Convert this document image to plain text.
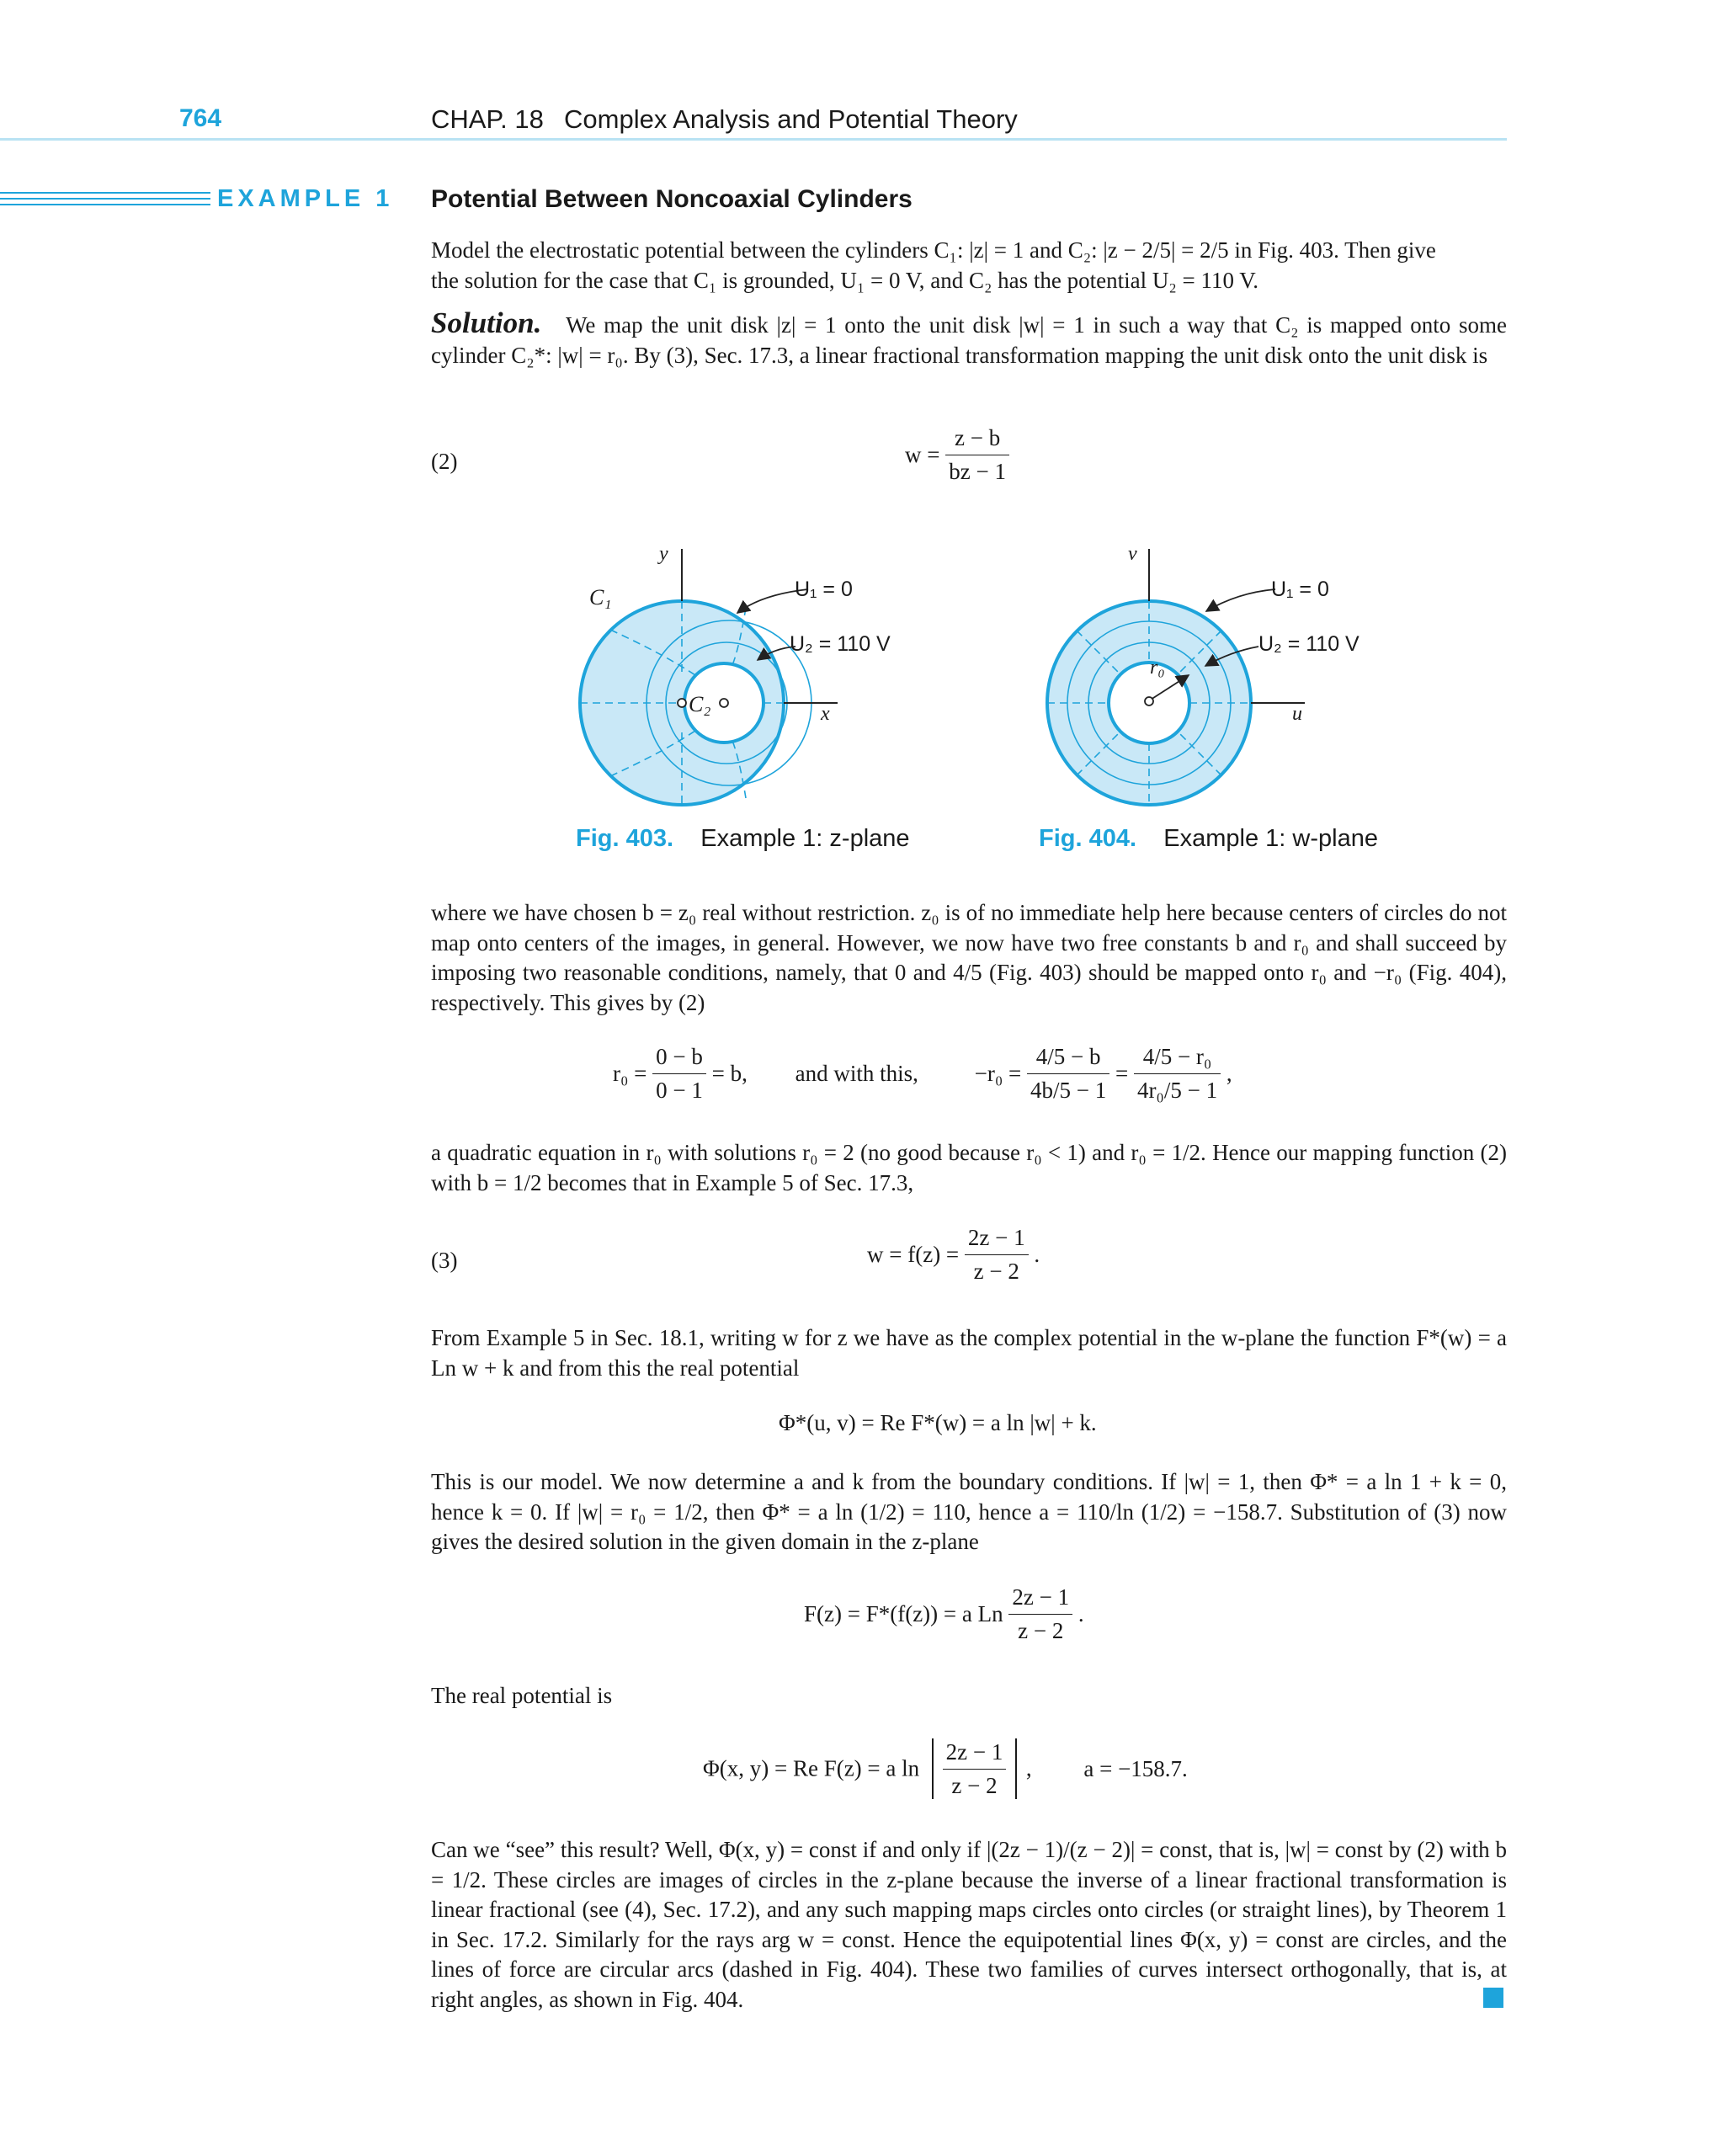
764	CHAP. 18 Complex Analysis and Potential Theory
EXAMPLE 1 Potential Between Noncoaxial Cylinders
Model the electrostatic potential between the cylinders C₁: |z| = 1 and C₂: |z − 2/5| = 2/5 in Fig. 403. Then give
the solution for the case that C₁ is grounded, U₁ = 0 V, and C₂ has the potential U₂ = 110 V.
Solution. We map the unit disk |z| = 1 onto the unit disk |w| = 1 in such a way that C₂ is mapped onto some cylinder C₂*: |w| = r₀. By (3), Sec. 17.3, a linear fractional transformation mapping the unit disk onto the unit disk is
(2)	$w = \frac{z - b}{bz - 1}$
y
C₁	U₁ = 0
U₂ = 110 V
C₂	x
v
U₁ = 0
U₂ = 110 V
r₀
u
Fig. 403. Example 1: z-plane	Fig. 404. Example 1: w-plane
where we have chosen b = z₀ real without restriction. z₀ is of no immediate help here because centers of circles do not map onto centers of the images, in general. However, we now have two free constants b and r₀ and shall succeed by imposing two reasonable conditions, namely, that 0 and 4/5 (Fig. 403) should be mapped onto r₀ and −r₀ (Fig. 404), respectively. This gives by (2)
$r_0 = \frac{0 - b}{0 - 1} = b$, and with this, $-r_0 = \frac{4/5 - b}{4b/5 - 1} = \frac{\text{4/5 − r₀}}{\text{4r₀/5 − 1}}$ ,
a quadratic equation in r₀ with solutions r₀ = 2 (no good because r₀ < 1) and r₀ = 1/2. Hence our mapping function (2) with b = 1/2 becomes that in Example 5 of Sec. 17.3,
(3)	$w = f(z) = \frac{2z - 1}{z - 2}$ .
From Example 5 in Sec. 18.1, writing w for z we have as the complex potential in the w-plane the function F*(w) = a Ln w + k and from this the real potential
Φ*(u, v) = Re F*(w) = a ln |w| + k.
This is our model. We now determine a and k from the boundary conditions. If |w| = 1, then Φ* = a ln 1 + k = 0, hence k = 0. If |w| = r₀ = 1/2, then Φ* = a ln (1/2) = 110, hence a = 110/ln (1/2) = −158.7. Substitution of (3) now gives the desired solution in the given domain in the z-plane
F(z) = F*(f(z)) = a Ln $\frac{2z - 1}{z - 2}$ .
The real potential is
Φ(x, y) = Re F(z) = a $\ln \frac{2z - 1}{z - 2}$ , a = −158.7.
Can we “see” this result? Well, Φ(x, y) = const if and only if |(2z − 1)/(z − 2)| = const, that is, |w| = const by (2) with b = 1/2. These circles are images of circles in the z-plane because the inverse of a linear fractional transformation is linear fractional (see (4), Sec. 17.2), and any such mapping maps circles onto circles (or straight lines), by Theorem 1 in Sec. 17.2. Similarly for the rays arg w = const. Hence the equipotential lines Φ(x, y) = const are circles, and the lines of force are circular arcs (dashed in Fig. 404). These two families of curves intersect orthogonally, that is, at right angles, as shown in Fig. 404.
